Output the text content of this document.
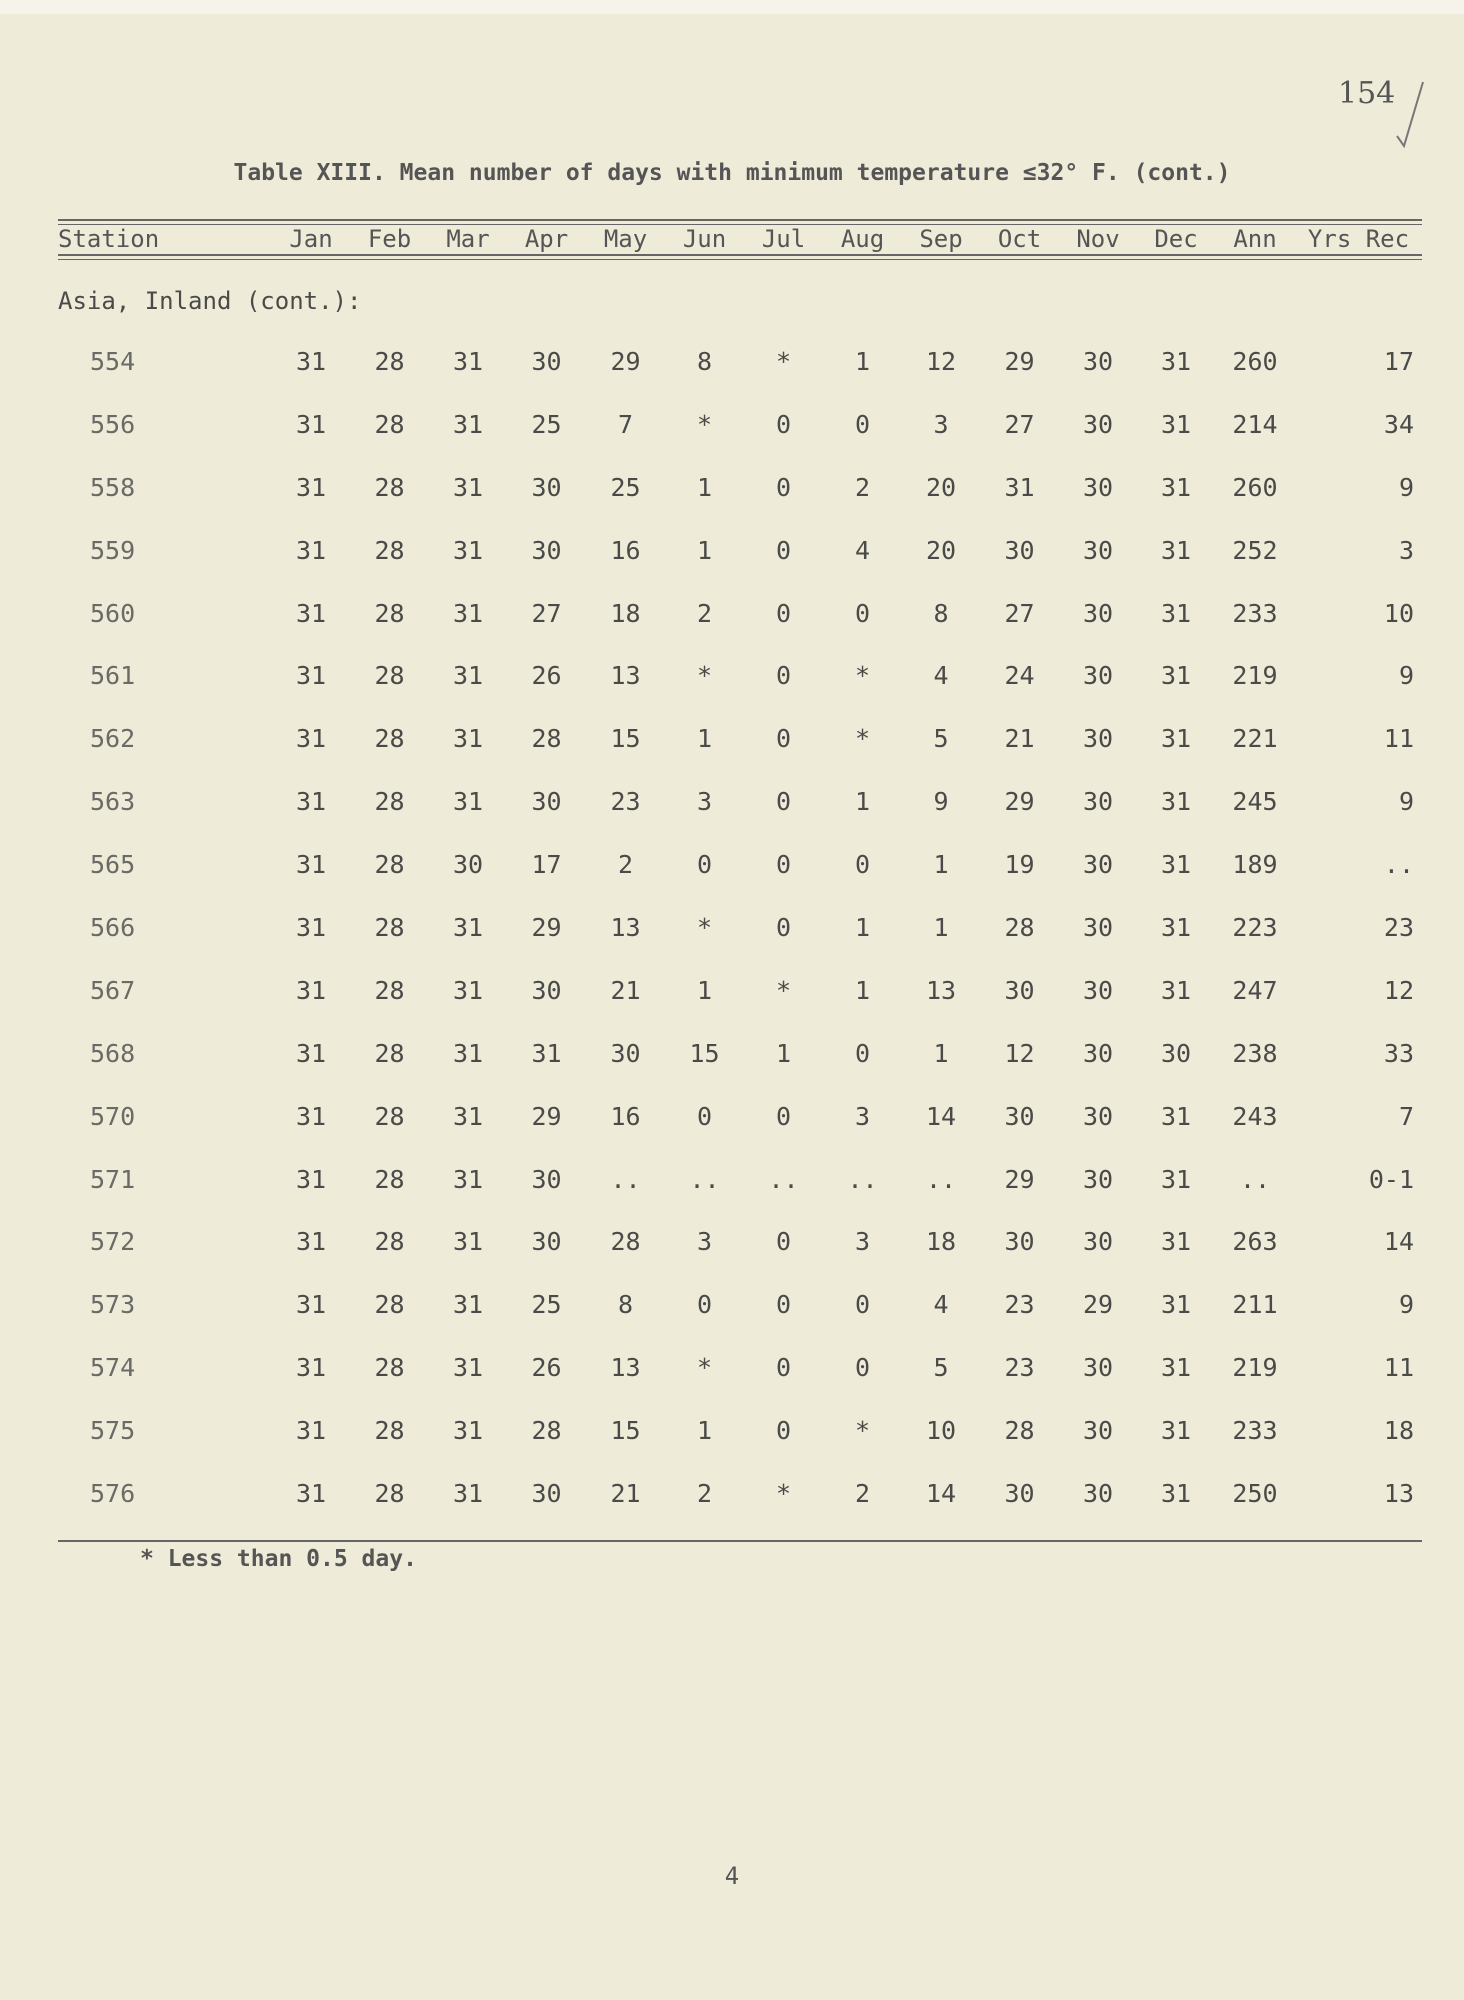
154
Table XIII. Mean number of days with minimum temperature ≤32° F. (cont.)
Station	Jan	Feb	Mar	Apr	May	Jun	Jul	Aug	Sep	Oct	Nov	Dec	Ann	Yrs Rec
Asia, Inland (cont.):														
554	31	28	31	30	29	8	*	1	12	29	30	31	260	17
556	31	28	31	25	7	*	0	0	3	27	30	31	214	34
558	31	28	31	30	25	1	0	2	20	31	30	31	260	9
559	31	28	31	30	16	1	0	4	20	30	30	31	252	3
560	31	28	31	27	18	2	0	0	8	27	30	31	233	10
561	31	28	31	26	13	*	0	*	4	24	30	31	219	9
562	31	28	31	28	15	1	0	*	5	21	30	31	221	11
563	31	28	31	30	23	3	0	1	9	29	30	31	245	9
565	31	28	30	17	2	0	0	0	1	19	30	31	189	..
566	31	28	31	29	13	*	0	1	1	28	30	31	223	23
567	31	28	31	30	21	1	*	1	13	30	30	31	247	12
568	31	28	31	31	30	15	1	0	1	12	30	30	238	33
570	31	28	31	29	16	0	0	3	14	30	30	31	243	7
571	31	28	31	30	..	..	..	..	..	29	30	31	..	0-1
572	31	28	31	30	28	3	0	3	18	30	30	31	263	14
573	31	28	31	25	8	0	0	0	4	23	29	31	211	9
574	31	28	31	26	13	*	0	0	5	23	30	31	219	11
575	31	28	31	28	15	1	0	*	10	28	30	31	233	18
576	31	28	31	30	21	2	*	2	14	30	30	31	250	13
* Less than 0.5 day.
4
